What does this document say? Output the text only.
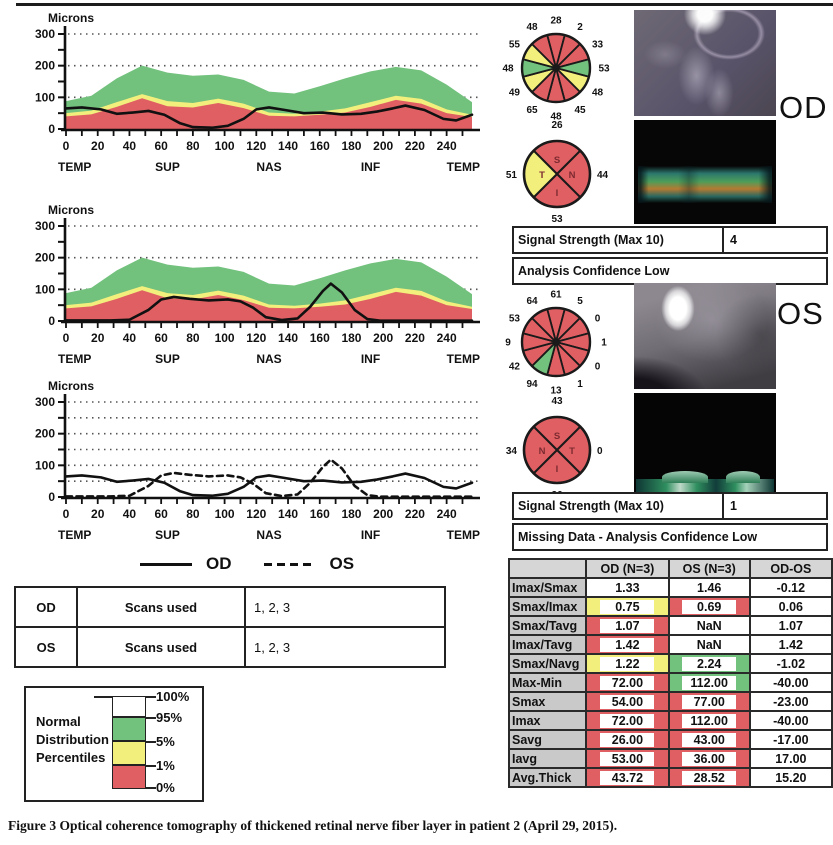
Microns
0
100
200
300
0 20 40 60 80 100 120 140 160 180 200 220 240
TEMP	SUP	NAS	INF	TEMP
Microns
0
100
200
300
0 20 40 60 80 100 120 140 160 180 200 220 240
TEMP	SUP	NAS	INF	TEMP
Microns
0
100
200
300
0 20 40 60 80 100 120 140 160 180 200 220 240
TEMP	SUP	NAS	INF	TEMP
OD	OS
OD	Scans used	1, 2, 3
OS	Scans used	1, 2, 3
Normal
Distribution
Percentiles
100%
95%
5%
1%
0%
28
2
33
53
48
45
48
65
49
48
55
48
S
26
N 44
I
53
T
51
OD
Signal Strength (Max 10)	4
Analysis Confidence Low
61
5
0
1
0
1
13
94
42
9
53
64	OS
S
43
T 0
I
N
34
Signal Strength (Max 10)	1
Missing Data - Analysis Confidence Low
	OD (N=3)	OS (N=3)	OD-OS
Imax/Smax	1.33	1.46	-0.12
Smax/Imax	0.75	0.69	0.06
Smax/Tavg	1.07	NaN	1.07
Imax/Tavg	1.42	NaN	1.42
Smax/Navg	1.22	2.24	-1.02
Max-Min	72.00	112.00	-40.00
Smax	54.00	77.00	-23.00
Imax	72.00	112.00	-40.00
Savg	26.00	43.00	-17.00
Iavg	53.00	36.00	17.00
Avg.Thick	43.72	28.52	15.20
Figure 3 Optical coherence tomography of thickened retinal nerve fiber layer in patient 2 (April 29, 2015).
